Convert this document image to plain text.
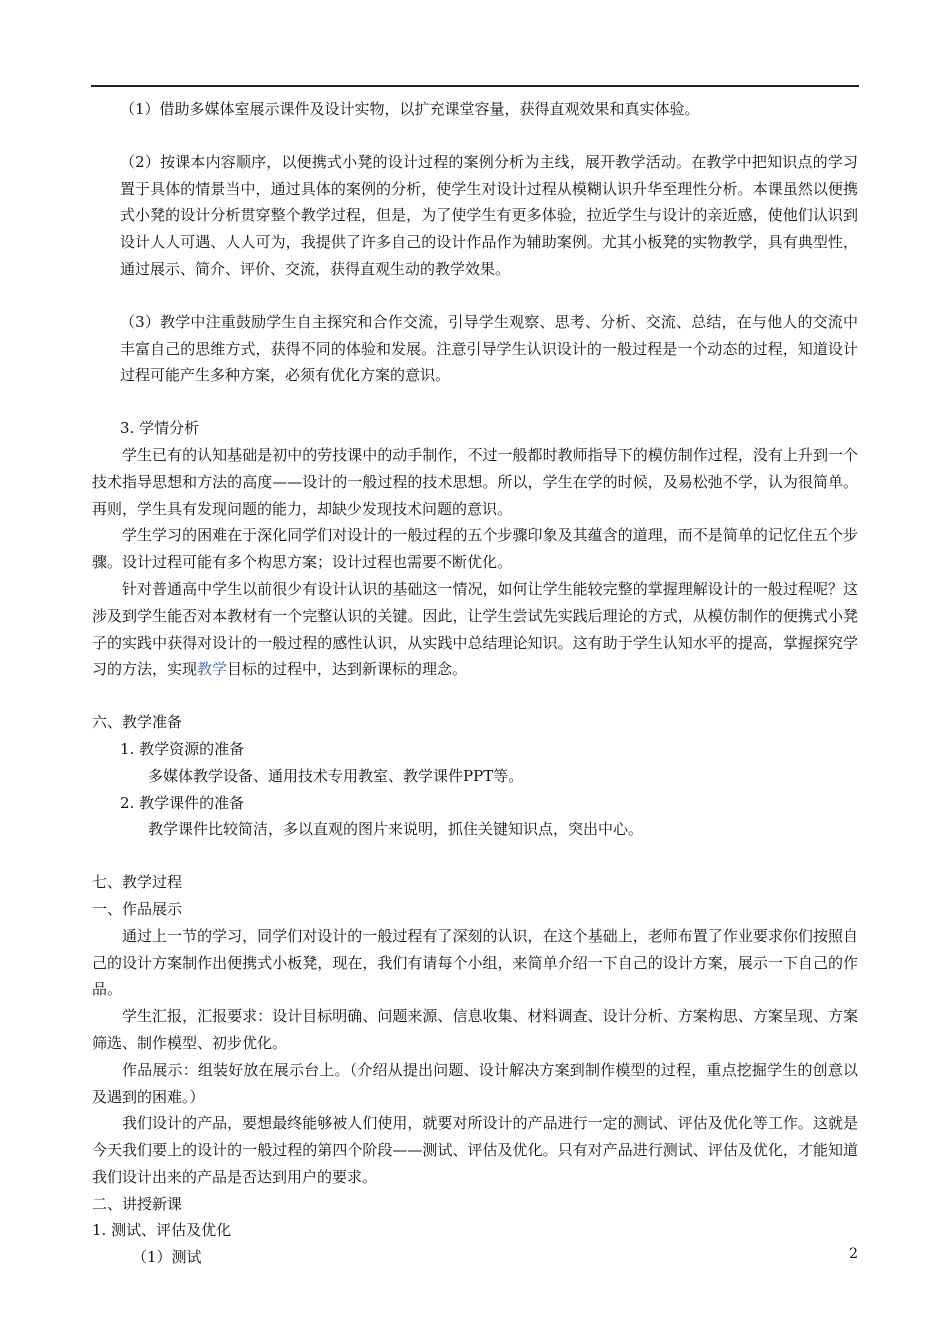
（1）借助多媒体室展示课件及设计实物，以扩充课堂容量，获得直观效果和真实体验。

（2）按课本内容顺序，以便携式小凳的设计过程的案例分析为主线，展开教学活动。在教学中把知识点的学习置于具体的情景当中，通过具体的案例的分析，使学生对设计过程从模糊认识升华至理性分析。本课虽然以便携式小凳的设计分析贯穿整个教学过程，但是，为了使学生有更多体验，拉近学生与设计的亲近感，使他们认识到设计人人可遇、人人可为，我提供了许多自己的设计作品作为辅助案例。尤其小板凳的实物教学，具有典型性，通过展示、简介、评价、交流，获得直观生动的教学效果。

（3）教学中注重鼓励学生自主探究和合作交流，引导学生观察、思考、分析、交流、总结，在与他人的交流中丰富自己的思维方式，获得不同的体验和发展。注意引导学生认识设计的一般过程是一个动态的过程，知道设计过程可能产生多种方案，必须有优化方案的意识。

3. 学情分析

学生已有的认知基础是初中的劳技课中的动手制作，不过一般都时教师指导下的模仿制作过程，没有上升到一个技术指导思想和方法的高度——设计的一般过程的技术思想。所以，学生在学的时候，及易松弛不学，认为很简单。再则，学生具有发现问题的能力，却缺少发现技术问题的意识。

学生学习的困难在于深化同学们对设计的一般过程的五个步骤印象及其蕴含的道理，而不是简单的记忆住五个步骤。设计过程可能有多个构思方案；设计过程也需要不断优化。

针对普通高中学生以前很少有设计认识的基础这一情况，如何让学生能较完整的掌握理解设计的一般过程呢？这涉及到学生能否对本教材有一个完整认识的关键。因此，让学生尝试先实践后理论的方式，从模仿制作的便携式小凳子的实践中获得对设计的一般过程的感性认识，从实践中总结理论知识。这有助于学生认知水平的提高，掌握探究学习的方法，实现教学目标的过程中，达到新课标的理念。

六、教学准备

1. 教学资源的准备

多媒体教学设备、通用技术专用教室、教学课件PPT等。

2. 教学课件的准备

教学课件比较简洁，多以直观的图片来说明，抓住关键知识点，突出中心。

七、教学过程

一、作品展示

通过上一节的学习，同学们对设计的一般过程有了深刻的认识，在这个基础上，老师布置了作业要求你们按照自己的设计方案制作出便携式小板凳，现在，我们有请每个小组，来简单介绍一下自己的设计方案，展示一下自己的作品。

学生汇报，汇报要求：设计目标明确、问题来源、信息收集、材料调查、设计分析、方案构思、方案呈现、方案筛选、制作模型、初步优化。

作品展示：组装好放在展示台上。（介绍从提出问题、设计解决方案到制作模型的过程，重点挖掘学生的创意以及遇到的困难。）

我们设计的产品，要想最终能够被人们使用，就要对所设计的产品进行一定的测试、评估及优化等工作。这就是今天我们要上的设计的一般过程的第四个阶段——测试、评估及优化。只有对产品进行测试、评估及优化，才能知道我们设计出来的产品是否达到用户的要求。

二、讲授新课

1. 测试、评估及优化

（1）测试	2
